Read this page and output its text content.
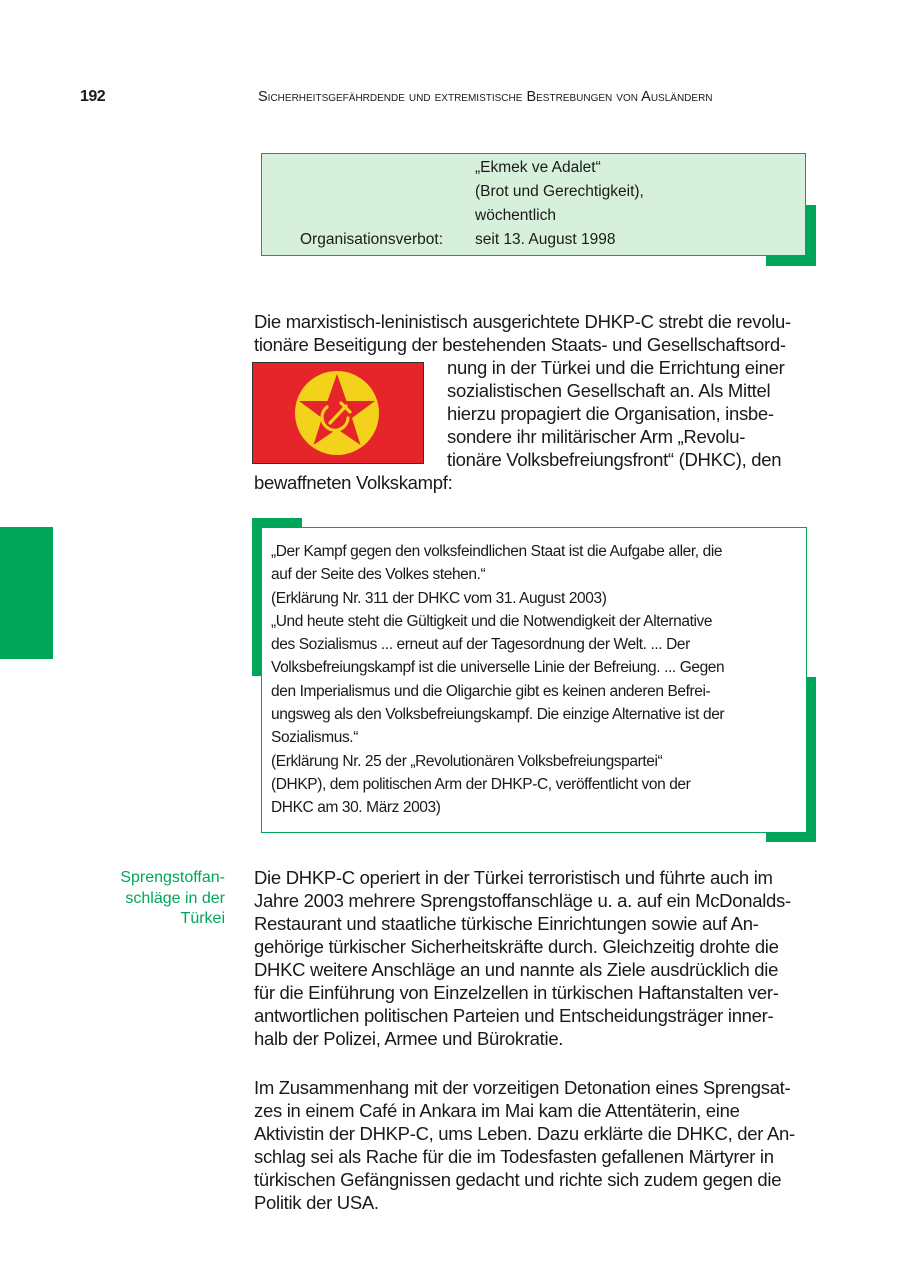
192	Sicherheitsgefährdende und extremistische Bestrebungen von Ausländern
„Ekmek ve Adalet“
(Brot und Gerechtigkeit),
wöchentlich
seit 13. August 1998
Organisationsverbot:
Die marxistisch-leninistisch ausgerichtete DHKP-C strebt die revolu-
tionäre Beseitigung der bestehenden Staats- und Gesellschaftsord-
nung in der Türkei und die Errichtung einer
sozialistischen Gesellschaft an. Als Mittel
hierzu propagiert die Organisation, insbe-
sondere ihr militärischer Arm „Revolu-
tionäre Volksbefreiungsfront“ (DHKC), den
bewaffneten Volkskampf:
„Der Kampf gegen den volksfeindlichen Staat ist die Aufgabe aller, die
auf der Seite des Volkes stehen.“
(Erklärung Nr. 311 der DHKC vom 31. August 2003)
„Und heute steht die Gültigkeit und die Notwendigkeit der Alternative
des Sozialismus ... erneut auf der Tagesordnung der Welt. ... Der
Volksbefreiungskampf ist die universelle Linie der Befreiung. ... Gegen
den Imperialismus und die Oligarchie gibt es keinen anderen Befrei-
ungsweg als den Volksbefreiungskampf. Die einzige Alternative ist der
Sozialismus.“
(Erklärung Nr. 25 der „Revolutionären Volksbefreiungspartei“
(DHKP), dem politischen Arm der DHKP-C, veröffentlicht von der
DHKC am 30. März 2003)
Sprengstoffan-
schläge in der
Türkei
Die DHKP-C operiert in der Türkei terroristisch und führte auch im
Jahre 2003 mehrere Sprengstoffanschläge u. a. auf ein McDonalds-
Restaurant und staatliche türkische Einrichtungen sowie auf An-
gehörige türkischer Sicherheitskräfte durch. Gleichzeitig drohte die
DHKC weitere Anschläge an und nannte als Ziele ausdrücklich die
für die Einführung von Einzelzellen in türkischen Haftanstalten ver-
antwortlichen politischen Parteien und Entscheidungsträger inner-
halb der Polizei, Armee und Bürokratie.
Im Zusammenhang mit der vorzeitigen Detonation eines Sprengsat-
zes in einem Café in Ankara im Mai kam die Attentäterin, eine
Aktivistin der DHKP-C, ums Leben. Dazu erklärte die DHKC, der An-
schlag sei als Rache für die im Todesfasten gefallenen Märtyrer in
türkischen Gefängnissen gedacht und richte sich zudem gegen die
Politik der USA.
